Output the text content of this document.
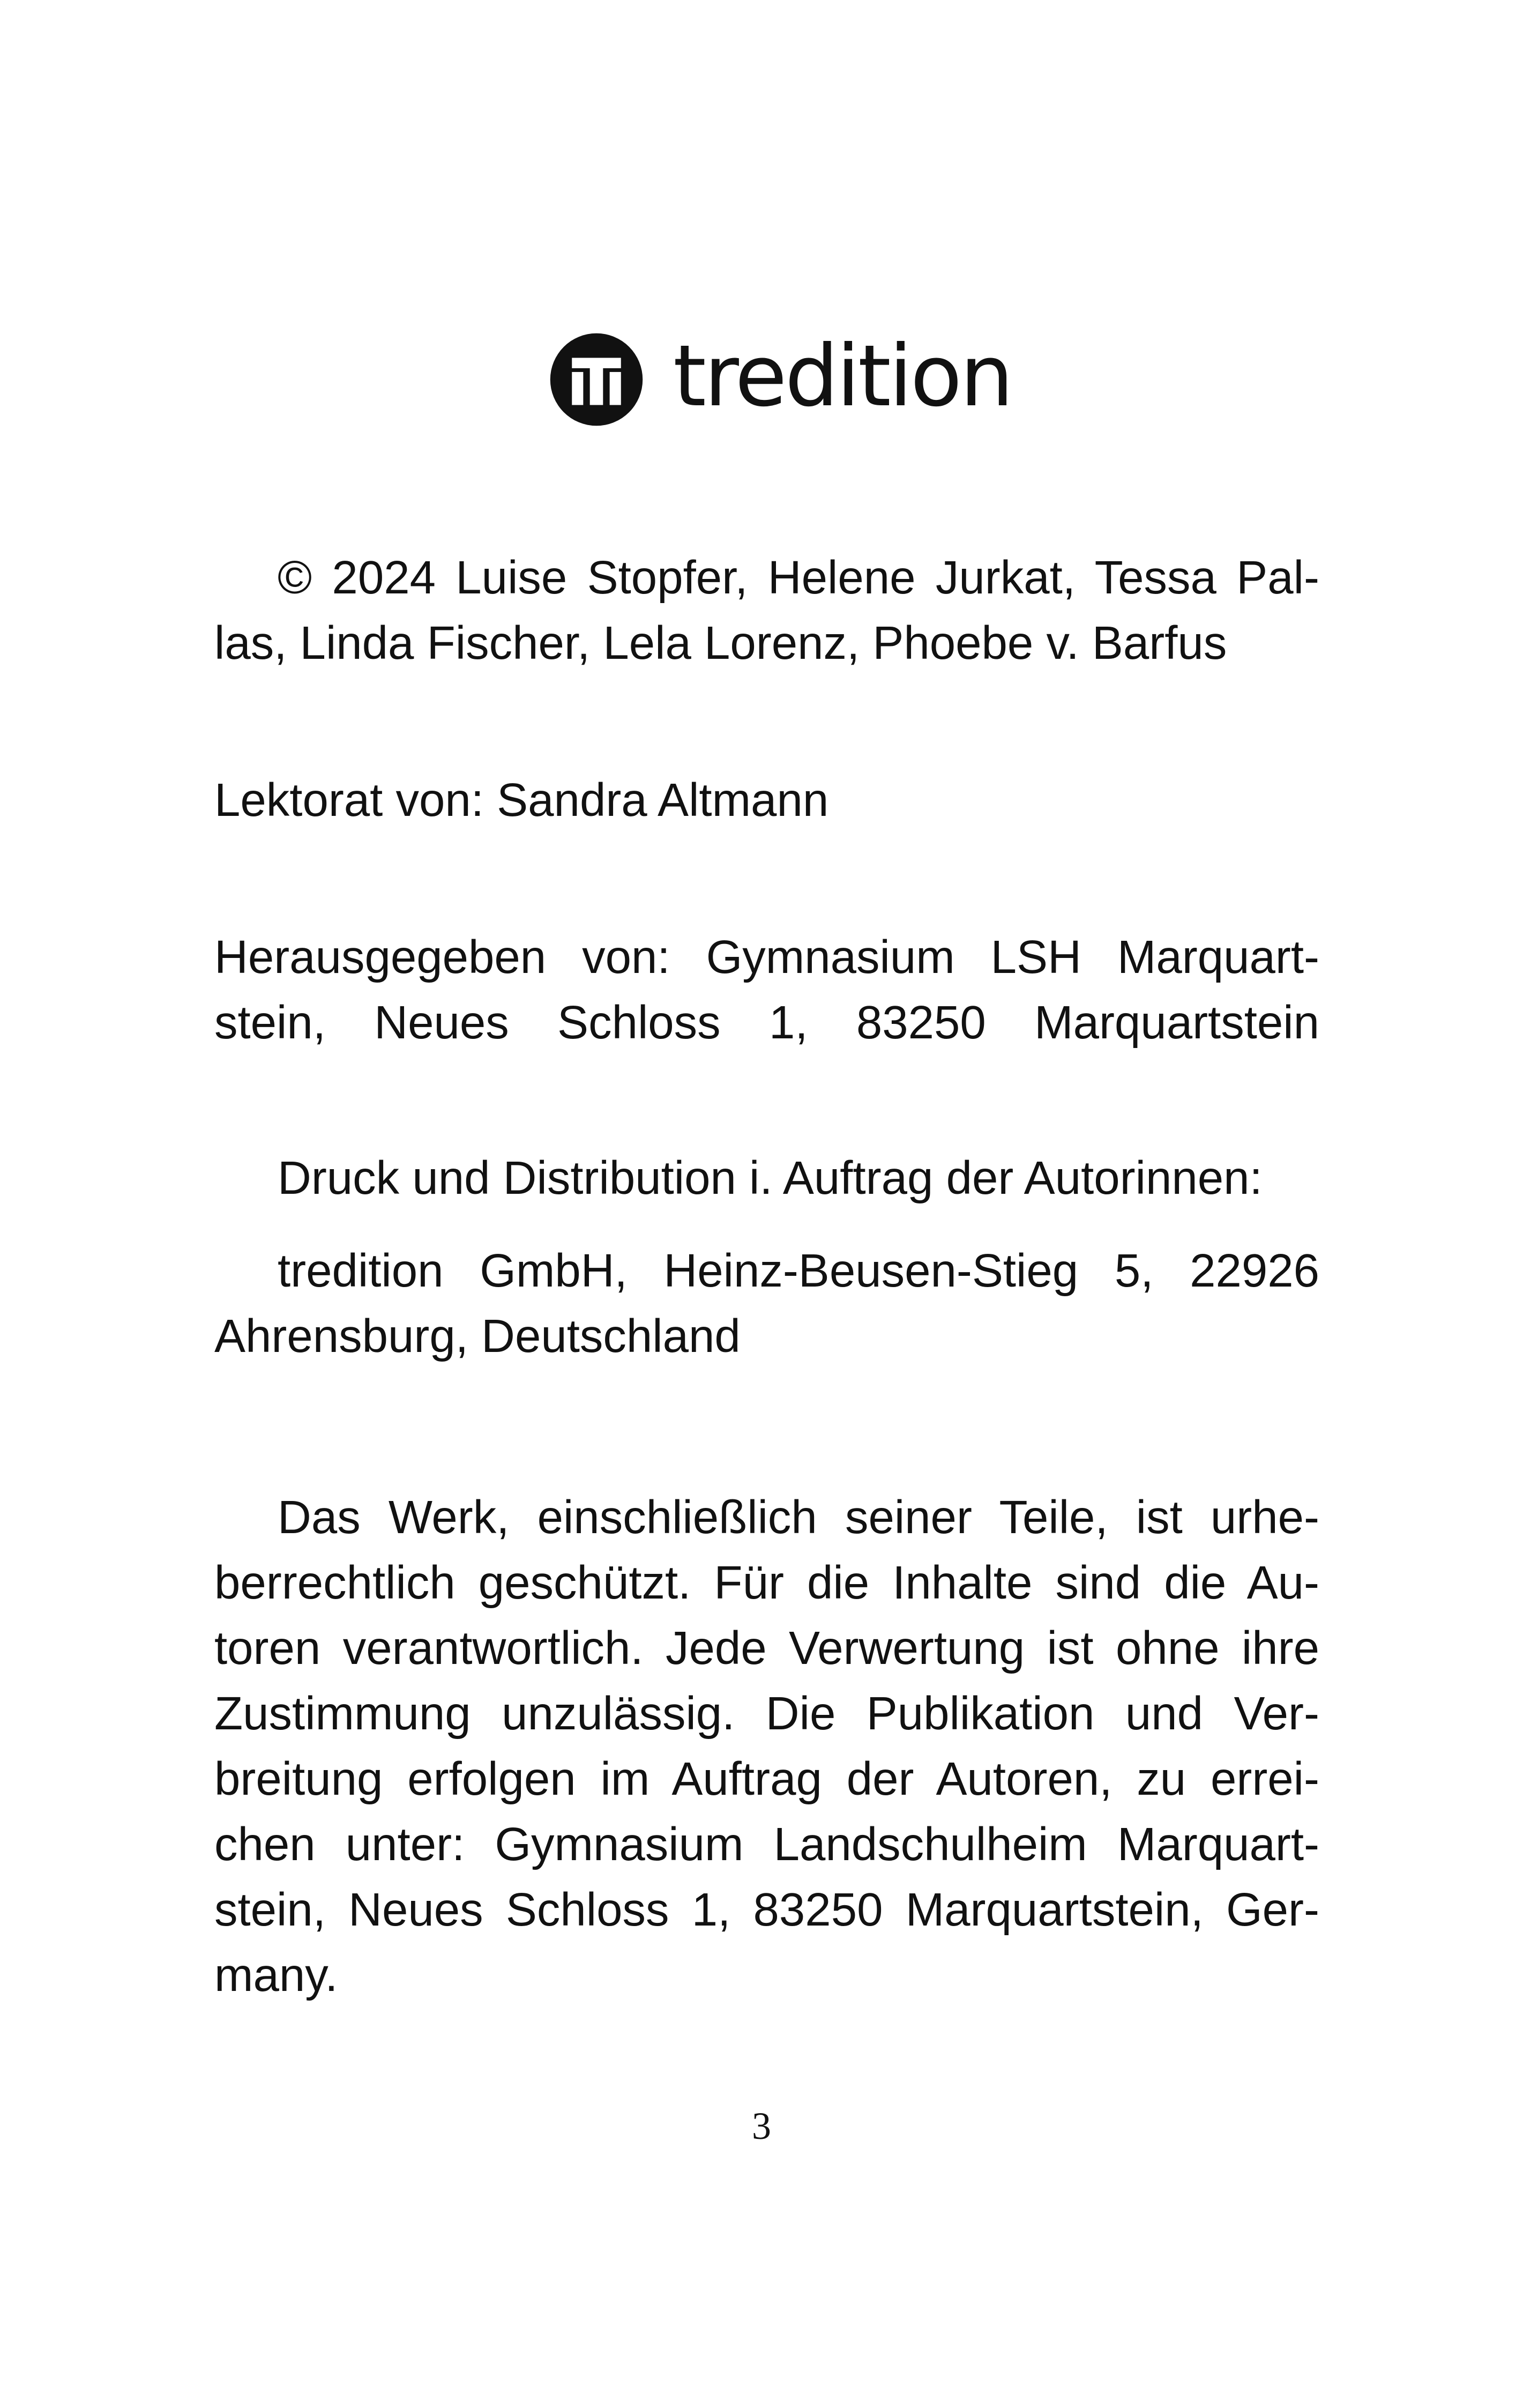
tredition
© 2024 Luise Stopfer, Helene Jurkat, Tessa Pal-
las, Linda Fischer, Lela Lorenz, Phoebe v. Barfus
Lektorat von: Sandra Altmann
Herausgegeben von: Gymnasium LSH Marquart-
stein, Neues Schloss 1, 83250 Marquartstein
Druck und Distribution i. Auftrag der Autorinnen:
tredition GmbH, Heinz-Beusen-Stieg 5, 22926
Ahrensburg, Deutschland
Das Werk, einschließlich seiner Teile, ist urhe-
berrechtlich geschützt. Für die Inhalte sind die Au-
toren verantwortlich. Jede Verwertung ist ohne ihre
Zustimmung unzulässig. Die Publikation und Ver-
breitung erfolgen im Auftrag der Autoren, zu errei-
chen unter: Gymnasium Landschulheim Marquart-
stein, Neues Schloss 1, 83250 Marquartstein, Ger-
many.
3
